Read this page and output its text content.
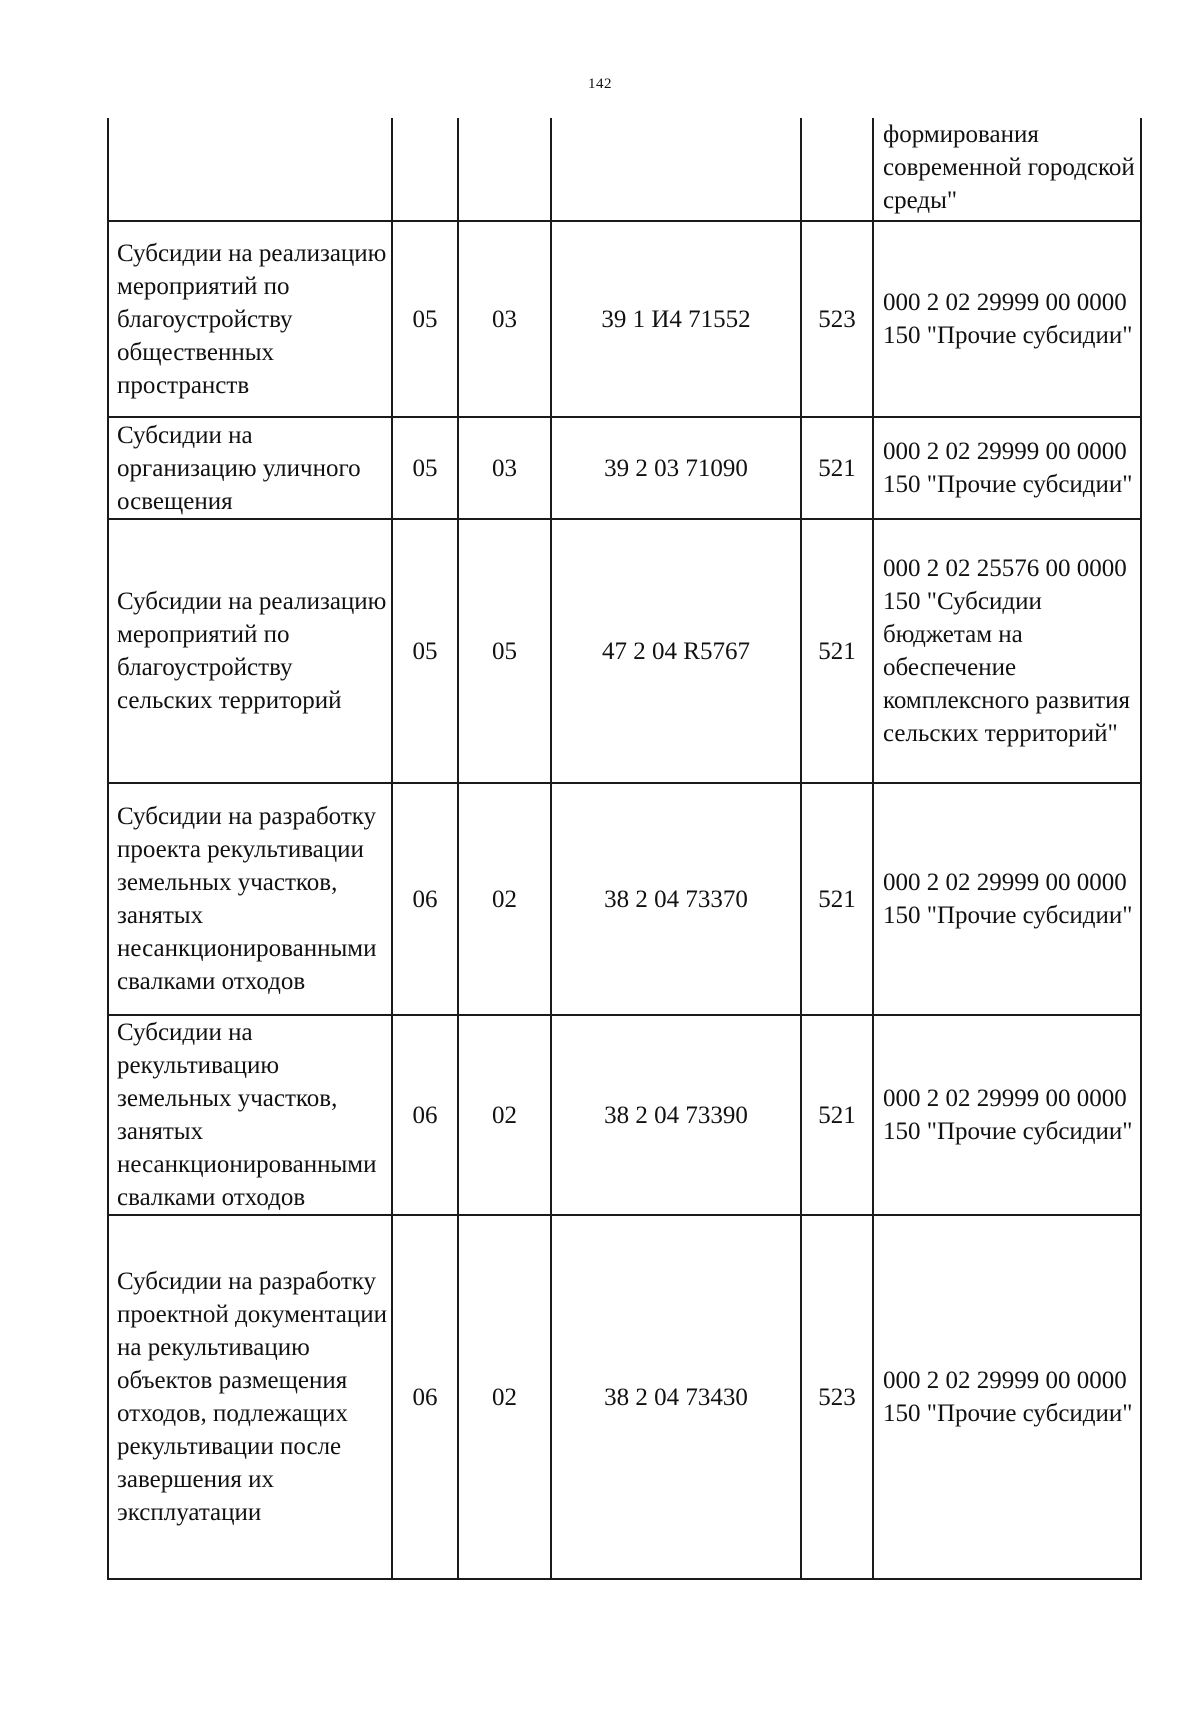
142
					формирования современной городской среды"
Субсидии на реализацию мероприятий по благоустройству общественных пространств	05	03	39 1 И4 71552	523	000 2 02 29999 00 0000 150 "Прочие субсидии"
Субсидии на организацию уличного освещения	05	03	39 2 03 71090	521	000 2 02 29999 00 0000 150 "Прочие субсидии"
Субсидии на реализацию мероприятий по благоустройству сельских территорий	05	05	47 2 04 R5767	521	000 2 02 25576 00 0000 150 "Субсидии бюджетам на обеспечение комплексного развития сельских территорий"
Субсидии на разработку проекта рекультивации земельных участков, занятых несанкционированными свалками отходов	06	02	38 2 04 73370	521	000 2 02 29999 00 0000 150 "Прочие субсидии"
Субсидии на рекультивацию земельных участков, занятых несанкционированными свалками отходов	06	02	38 2 04 73390	521	000 2 02 29999 00 0000 150 "Прочие субсидии"
Субсидии на разработку проектной документации на рекультивацию объектов размещения отходов, подлежащих рекультивации после завершения их эксплуатации	06	02	38 2 04 73430	523	000 2 02 29999 00 0000 150 "Прочие субсидии"
